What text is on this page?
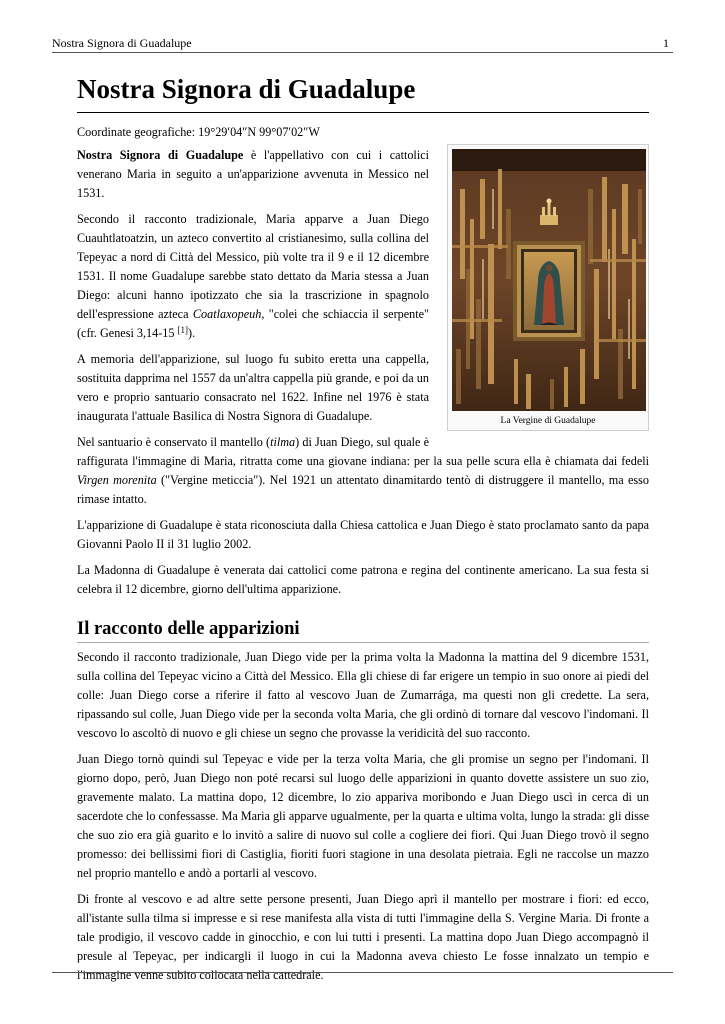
Nostra Signora di Guadalupe	1
Nostra Signora di Guadalupe
Coordinate geografiche: 19°29′04″N 99°07′02″W
La Vergine di Guadalupe

Nostra Signora di Guadalupe è l'appellativo con cui i cattolici venerano Maria in seguito a un'apparizione avvenuta in Messico nel 1531.

Secondo il racconto tradizionale, Maria apparve a Juan Diego Cuauhtlatoatzin, un azteco convertito al cristianesimo, sulla collina del Tepeyac a nord di Città del Messico, più volte tra il 9 e il 12 dicembre 1531. Il nome Guadalupe sarebbe stato dettato da Maria stessa a Juan Diego: alcuni hanno ipotizzato che sia la trascrizione in spagnolo dell'espressione azteca Coatlaxopeuh, "colei che schiaccia il serpente" (cfr. Genesi 3,14-15 [1]).

A memoria dell'apparizione, sul luogo fu subito eretta una cappella, sostituita dapprima nel 1557 da un'altra cappella più grande, e poi da un vero e proprio santuario consacrato nel 1622. Infine nel 1976 è stata inaugurata l'attuale Basilica di Nostra Signora di Guadalupe.

Nel santuario è conservato il mantello (tilma) di Juan Diego, sul quale è raffigurata l'immagine di Maria, ritratta come una giovane indiana: per la sua pelle scura ella è chiamata dai fedeli Virgen morenita ("Vergine meticcia"). Nel 1921 un attentato dinamitardo tentò di distruggere il mantello, ma esso rimase intatto.

L'apparizione di Guadalupe è stata riconosciuta dalla Chiesa cattolica e Juan Diego è stato proclamato santo da papa Giovanni Paolo II il 31 luglio 2002.

La Madonna di Guadalupe è venerata dai cattolici come patrona e regina del continente americano. La sua festa si celebra il 12 dicembre, giorno dell'ultima apparizione.

Il racconto delle apparizioni

Secondo il racconto tradizionale, Juan Diego vide per la prima volta la Madonna la mattina del 9 dicembre 1531, sulla collina del Tepeyac vicino a Città del Messico. Ella gli chiese di far erigere un tempio in suo onore ai piedi del colle: Juan Diego corse a riferire il fatto al vescovo Juan de Zumarrága, ma questi non gli credette. La sera, ripassando sul colle, Juan Diego vide per la seconda volta Maria, che gli ordinò di tornare dal vescovo l'indomani. Il vescovo lo ascoltò di nuovo e gli chiese un segno che provasse la veridicità del suo racconto.

Juan Diego tornò quindi sul Tepeyac e vide per la terza volta Maria, che gli promise un segno per l'indomani. Il giorno dopo, però, Juan Diego non poté recarsi sul luogo delle apparizioni in quanto dovette assistere un suo zio, gravemente malato. La mattina dopo, 12 dicembre, lo zio appariva moribondo e Juan Diego uscì in cerca di un sacerdote che lo confessasse. Ma Maria gli apparve ugualmente, per la quarta e ultima volta, lungo la strada: gli disse che suo zio era già guarito e lo invitò a salire di nuovo sul colle a cogliere dei fiori. Qui Juan Diego trovò il segno promesso: dei bellissimi fiori di Castiglia, fioriti fuori stagione in una desolata pietraia. Egli ne raccolse un mazzo nel proprio mantello e andò a portarli al vescovo.

Di fronte al vescovo e ad altre sette persone presenti, Juan Diego aprì il mantello per mostrare i fiori: ed ecco, all'istante sulla tilma si impresse e si rese manifesta alla vista di tutti l'immagine della S. Vergine Maria. Di fronte a tale prodigio, il vescovo cadde in ginocchio, e con lui tutti i presenti. La mattina dopo Juan Diego accompagnò il presule al Tepeyac, per indicargli il luogo in cui la Madonna aveva chiesto Le fosse innalzato un tempio e l'immagine venne subito collocata nella cattedrale.
